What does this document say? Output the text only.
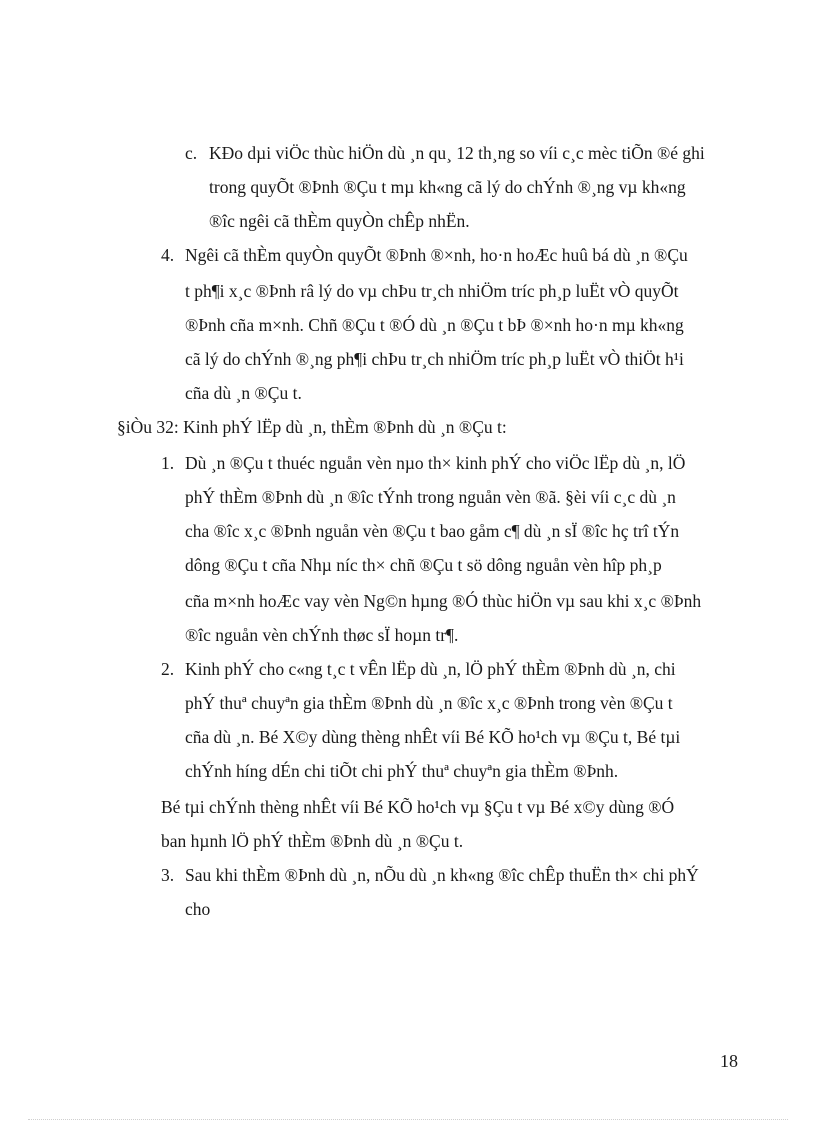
c. KÐo dµi viÖc thùc hiÖn dù ¸n qu¸ 12 th¸ng so víi c¸c mèc tiÕn ®é ghi
trong quyÕt ®Þnh ®Çu t mµ kh«ng cã lý do chÝnh ®¸ng vµ kh«ng
®îc ngêi cã thÈm quyÒn chÊp nhËn.
4. Ngêi cã thÈm quyÒn quyÕt ®Þnh ®×nh, ho·n hoÆc huû bá dù ¸n ®Çu
t ph¶i x¸c ®Þnh râ lý do vµ chÞu tr¸ch nhiÖm tríc ph¸p luËt vÒ quyÕt
®Þnh cña m×nh. Chñ ®Çu t ®Ó dù ¸n ®Çu t bÞ ®×nh ho·n mµ kh«ng
cã lý do chÝnh ®¸ng ph¶i chÞu tr¸ch nhiÖm tríc ph¸p luËt vÒ thiÖt h¹i
cña dù ¸n ®Çu t.
§iÒu 32: Kinh phÝ lËp dù ¸n, thÈm ®Þnh dù ¸n ®Çu t:
1. Dù ¸n ®Çu t thuéc nguån vèn nµo th× kinh phÝ cho viÖc lËp dù ¸n, lÖ
phÝ thÈm ®Þnh dù ¸n ®îc tÝnh trong nguån vèn ®ã. §èi víi c¸c dù ¸n
cha ®îc x¸c ®Þnh nguån vèn ®Çu t bao gåm c¶ dù ¸n sÏ ®îc hç trî tÝn
dông ®Çu t cña Nhµ níc th× chñ ®Çu t sö dông nguån vèn hîp ph¸p
cña m×nh hoÆc vay vèn Ng©n hµng ®Ó thùc hiÖn vµ sau khi x¸c ®Þnh
®îc nguån vèn chÝnh thøc sÏ hoµn tr¶.
2. Kinh phÝ cho c«ng t¸c t vÊn lËp dù ¸n, lÖ phÝ thÈm ®Þnh dù ¸n, chi
phÝ thuª chuyªn gia thÈm ®Þnh dù ¸n ®îc x¸c ®Þnh trong vèn ®Çu t
cña dù ¸n. Bé X©y dùng thèng nhÊt víi Bé KÕ ho¹ch vµ ®Çu t, Bé tµi
chÝnh híng dÉn chi tiÕt chi phÝ thuª chuyªn gia thÈm ®Þnh.
Bé tµi chÝnh thèng nhÊt víi Bé KÕ ho¹ch vµ §Çu t vµ Bé x©y dùng ®Ó
ban hµnh lÖ phÝ thÈm ®Þnh dù ¸n ®Çu t.
3. Sau khi thÈm ®Þnh dù ¸n, nÕu dù ¸n kh«ng ®îc chÊp thuËn th× chi phÝ
cho
18
